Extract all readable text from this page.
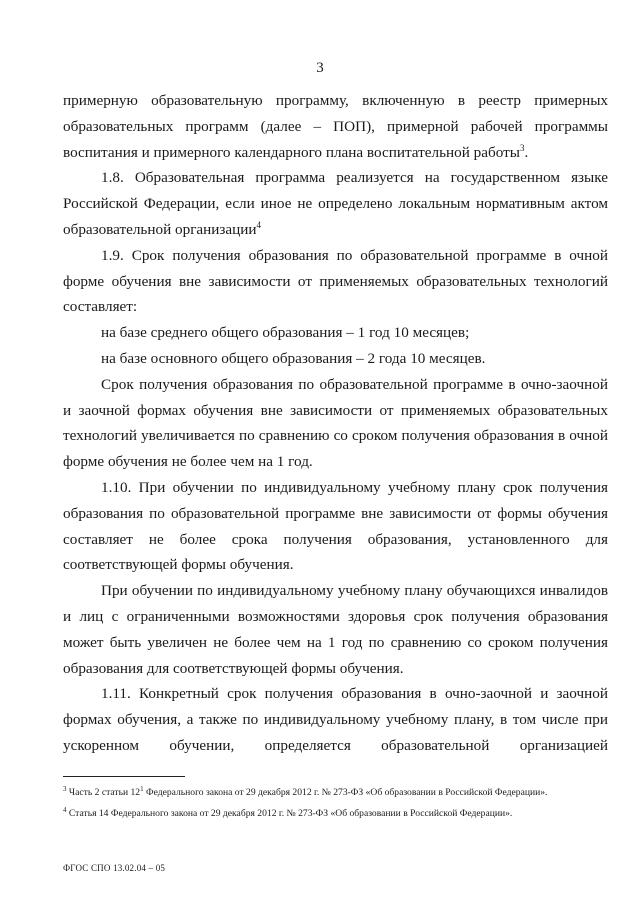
3

примерную образовательную программу, включенную в реестр примерных образовательных программ (далее – ПОП), примерной рабочей программы воспитания и примерного календарного плана воспитательной работы$^3$.

1.8. Образовательная программа реализуется на государственном языке Российской Федерации, если иное не определено локальным нормативным актом образовательной организации$^4$

1.9. Срок получения образования по образовательной программе в очной форме обучения вне зависимости от применяемых образовательных технологий составляет:

на базе среднего общего образования – 1 год 10 месяцев;

на базе основного общего образования – 2 года 10 месяцев.

Срок получения образования по образовательной программе в очно-заочной и заочной формах обучения вне зависимости от применяемых образовательных технологий увеличивается по сравнению со сроком получения образования в очной форме обучения не более чем на 1 год.

1.10. При обучении по индивидуальному учебному плану срок получения образования по образовательной программе вне зависимости от формы обучения составляет не более срока получения образования, установленного для соответствующей формы обучения.

При обучении по индивидуальному учебному плану обучающихся инвалидов и лиц с ограниченными возможностями здоровья срок получения образования может быть увеличен не более чем на 1 год по сравнению со сроком получения образования для соответствующей формы обучения.

1.11. Конкретный срок получения образования в очно-заочной и заочной формах обучения, а также по индивидуальному учебному плану, в том числе при ускоренном обучении, определяется образовательной организацией

$^3$ Часть 2 статьи $12^1$ Федерального закона от 29 декабря 2012 г. № 273-ФЗ «Об образовании в Российской Федерации».
$^4$ Статья 14 Федерального закона от 29 декабря 2012 г. № 273-ФЗ «Об образовании в Российской Федерации».
ФГОС СПО 13.02.04 – 05
